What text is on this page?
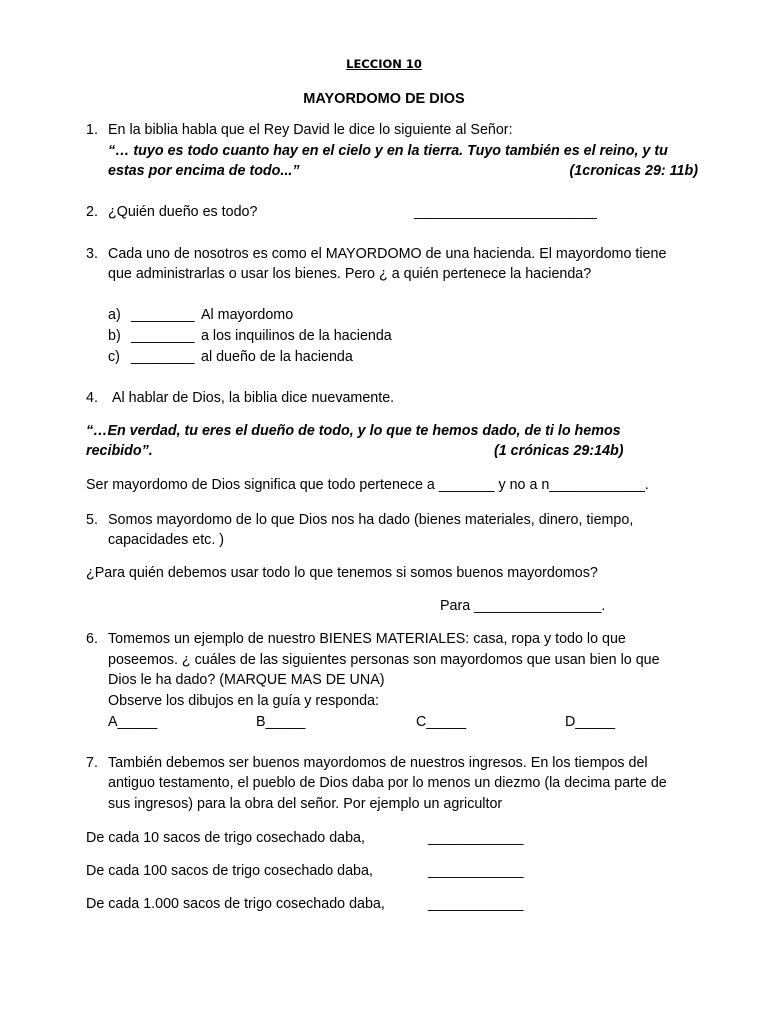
LECCION 10
MAYORDOMO DE DIOS
1. En la biblia habla que el Rey David le dice lo siguiente al Señor:
“… tuyo es todo cuanto hay en el cielo y en la tierra. Tuyo también es el reino, y tu
estas por encima de todo...”	(1cronicas 29: 11b)
2. ¿Quién dueño es todo?	_______________________
3. Cada uno de nosotros es como el MAYORDOMO de una hacienda. El mayordomo tiene
que administrarlas o usar los bienes. Pero ¿ a quién pertenece la hacienda?
a) ________ Al mayordomo
b) ________ a los inquilinos de la hacienda
c) ________ al dueño de la hacienda
4. Al hablar de Dios, la biblia dice nuevamente.
“…En verdad, tu eres el dueño de todo, y lo que te hemos dado, de ti lo hemos
recibido”.	(1 crónicas 29:14b)
Ser mayordomo de Dios significa que todo pertenece a _______ y no a n____________.
5. Somos mayordomo de lo que Dios nos ha dado (bienes materiales, dinero, tiempo,
capacidades etc. )
¿Para quién debemos usar todo lo que tenemos si somos buenos mayordomos?
Para ________________.
6. Tomemos un ejemplo de nuestro BIENES MATERIALES: casa, ropa y todo lo que
poseemos. ¿ cuáles de las siguientes personas son mayordomos que usan bien lo que
Dios le ha dado? (MARQUE MAS DE UNA)
Observe los dibujos en la guía y responda:
A_____	B_____	C_____	D_____
7. También debemos ser buenos mayordomos de nuestros ingresos. En los tiempos del
antiguo testamento, el pueblo de Dios daba por lo menos un diezmo (la decima parte de
sus ingresos) para la obra del señor. Por ejemplo un agricultor
De cada 10 sacos de trigo cosechado daba,	____________
De cada 100 sacos de trigo cosechado daba,	____________
De cada 1.000 sacos de trigo cosechado daba,	____________
